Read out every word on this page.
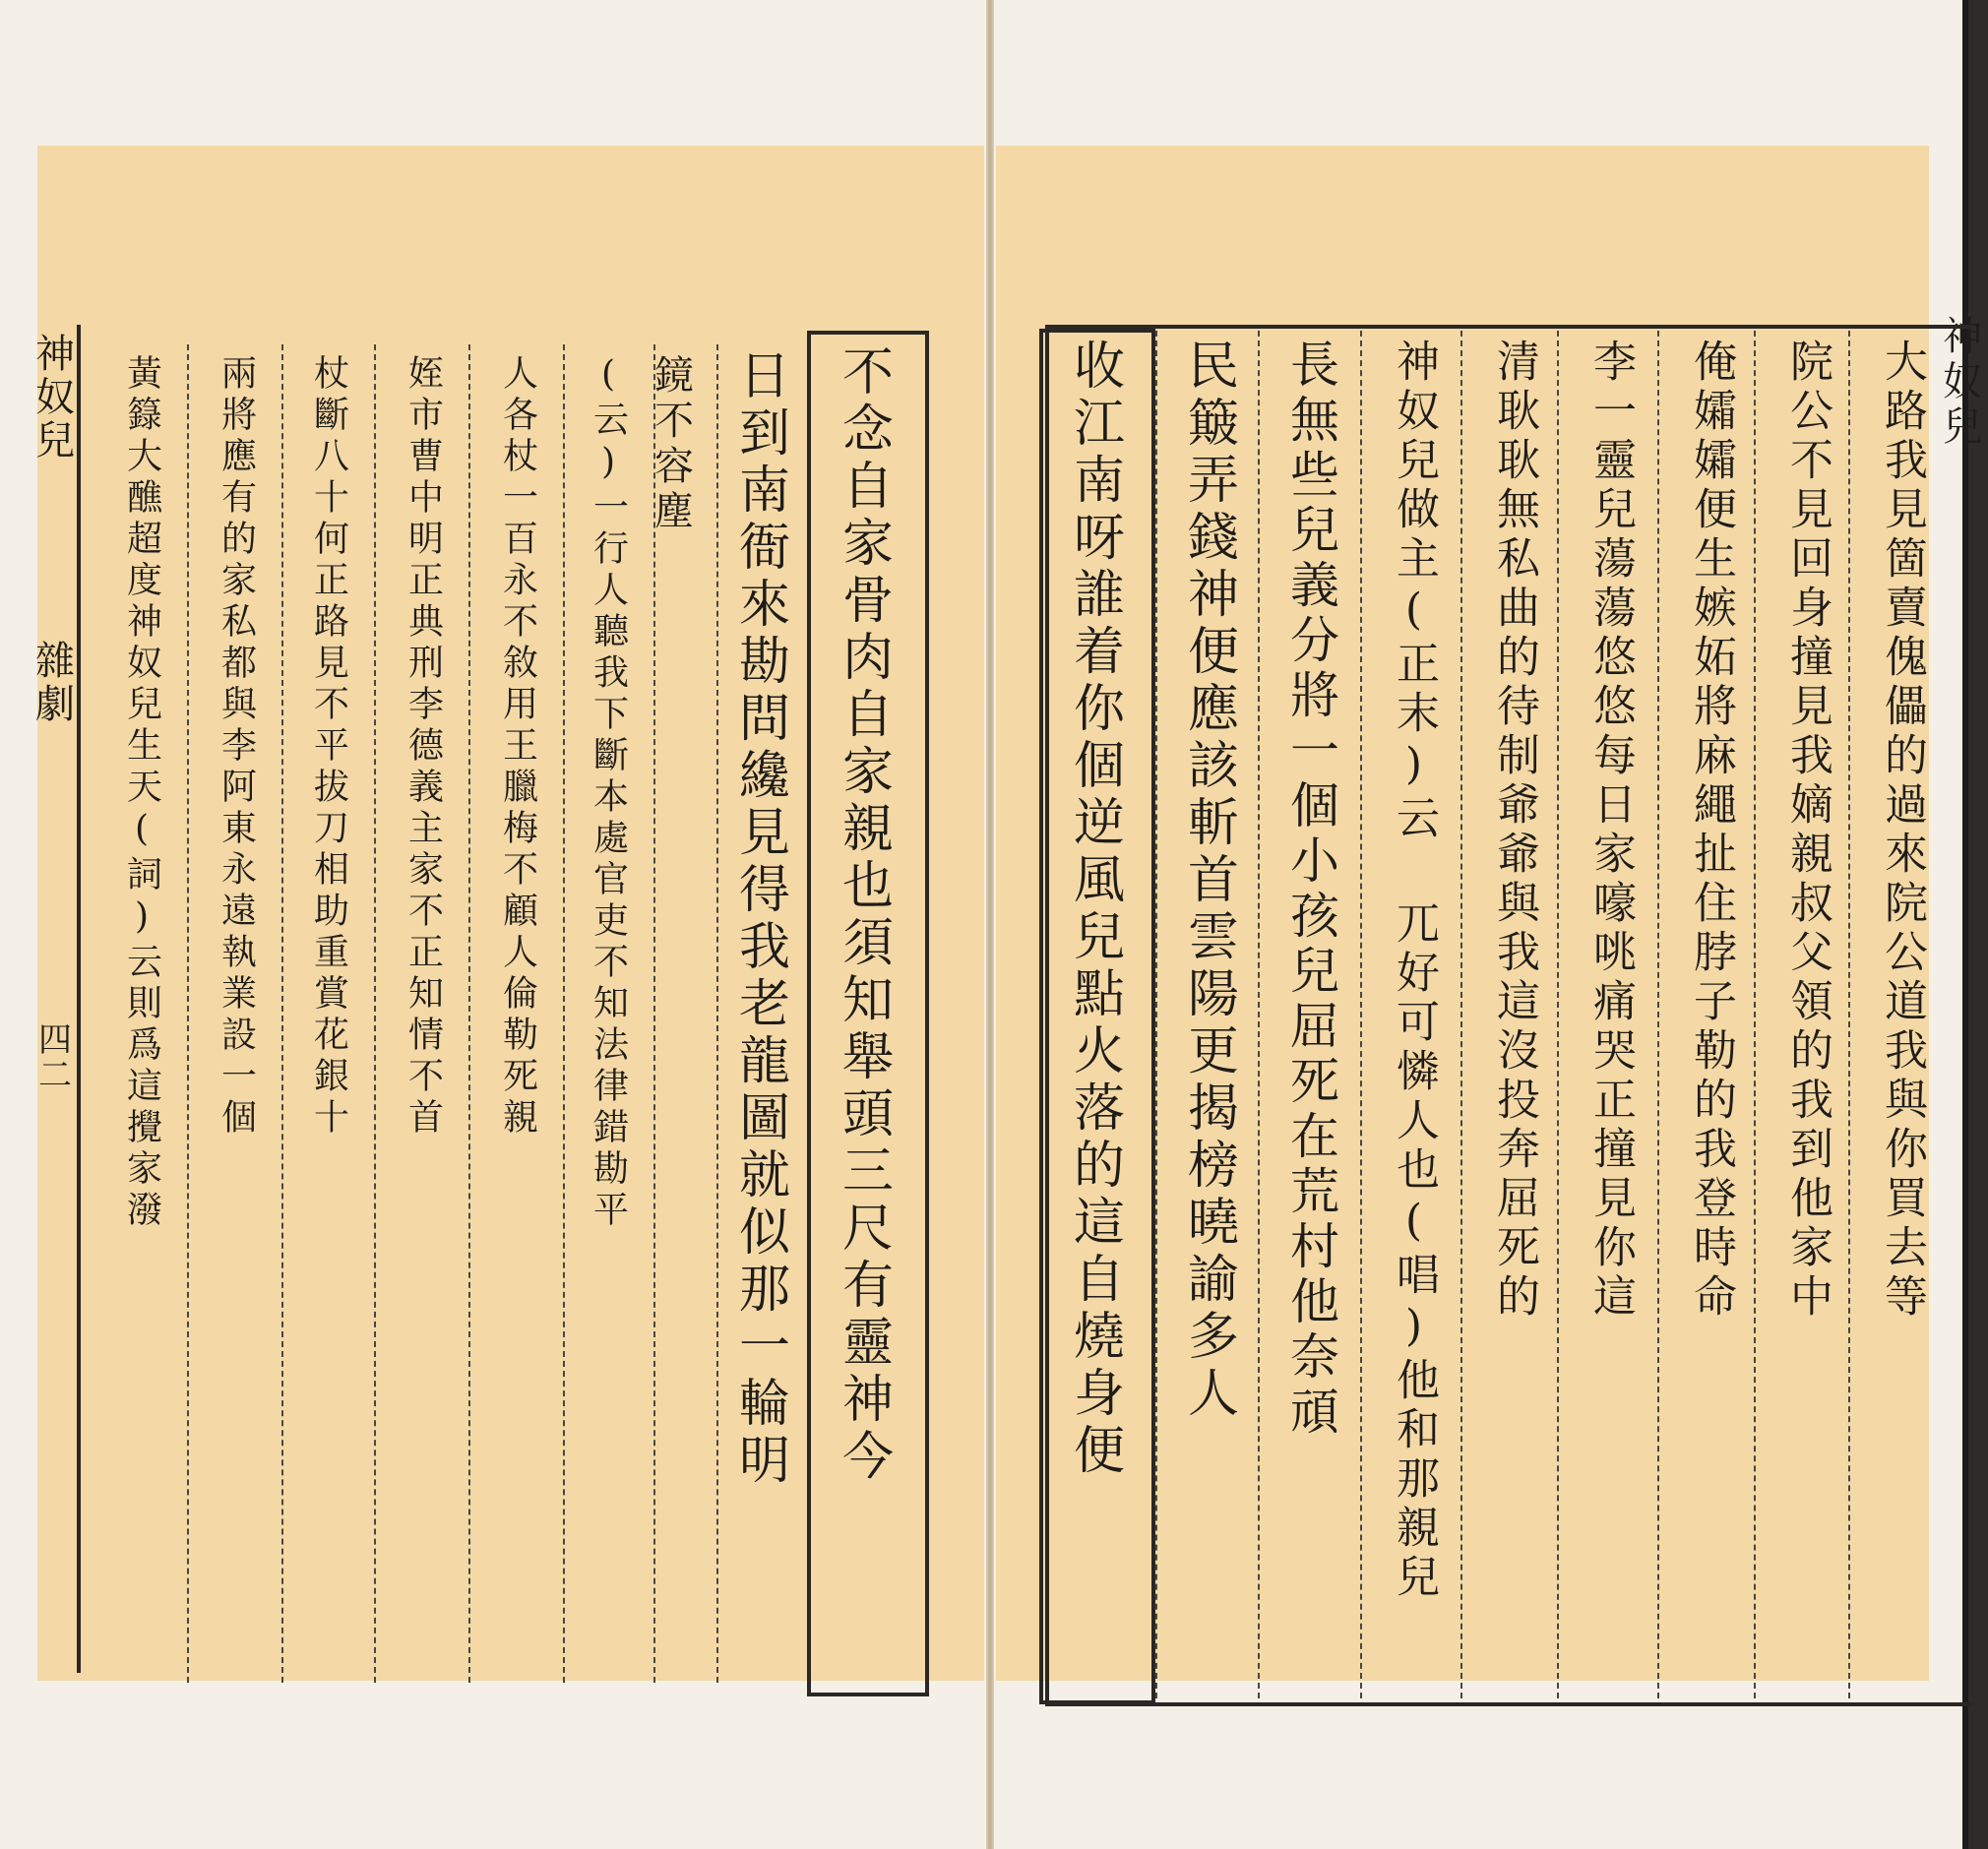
神奴兒
雜劇
四二 黃籙大醮超度神奴兒生天(詞)云則爲這攪家潑 兩將應有的家私都與李阿東永遠執業設一個 杖斷八十何正路見不平拔刀相助重賞花銀十 姪市曹中明正典刑李德義主家不正知情不首 人各杖一百永不敘用王臘梅不顧人倫勒死親 (云)一行人聽我下斷本處官吏不知法律錯勘平 鏡不容塵 日到南衙來勘問纔見得我老龍圖就似那一輪明 不念自家骨肉自家親也須知舉頭三尺有靈神今	收江南呀誰着你個逆風兒點火落的這自燒身便 民簸弄錢神便應該斬首雲陽更揭榜曉諭多人 長無些兒義分將一個小孩兒屈死在荒村他奈頑 神奴兒做主(正末)云 兀好可憐人也(唱)他和那親兒 清耿耿無私曲的待制爺爺與我這沒投奔屈死的 李一靈兒蕩蕩悠悠每日家嚎咷痛哭正撞見你這 俺孀孀便生嫉妬將麻繩扯住脖子勒的我登時命 院公不見回身撞見我嫡親叔父領的我到他家中 大路我見箇賣傀儡的過來院公道我與你買去等 神奴兒
